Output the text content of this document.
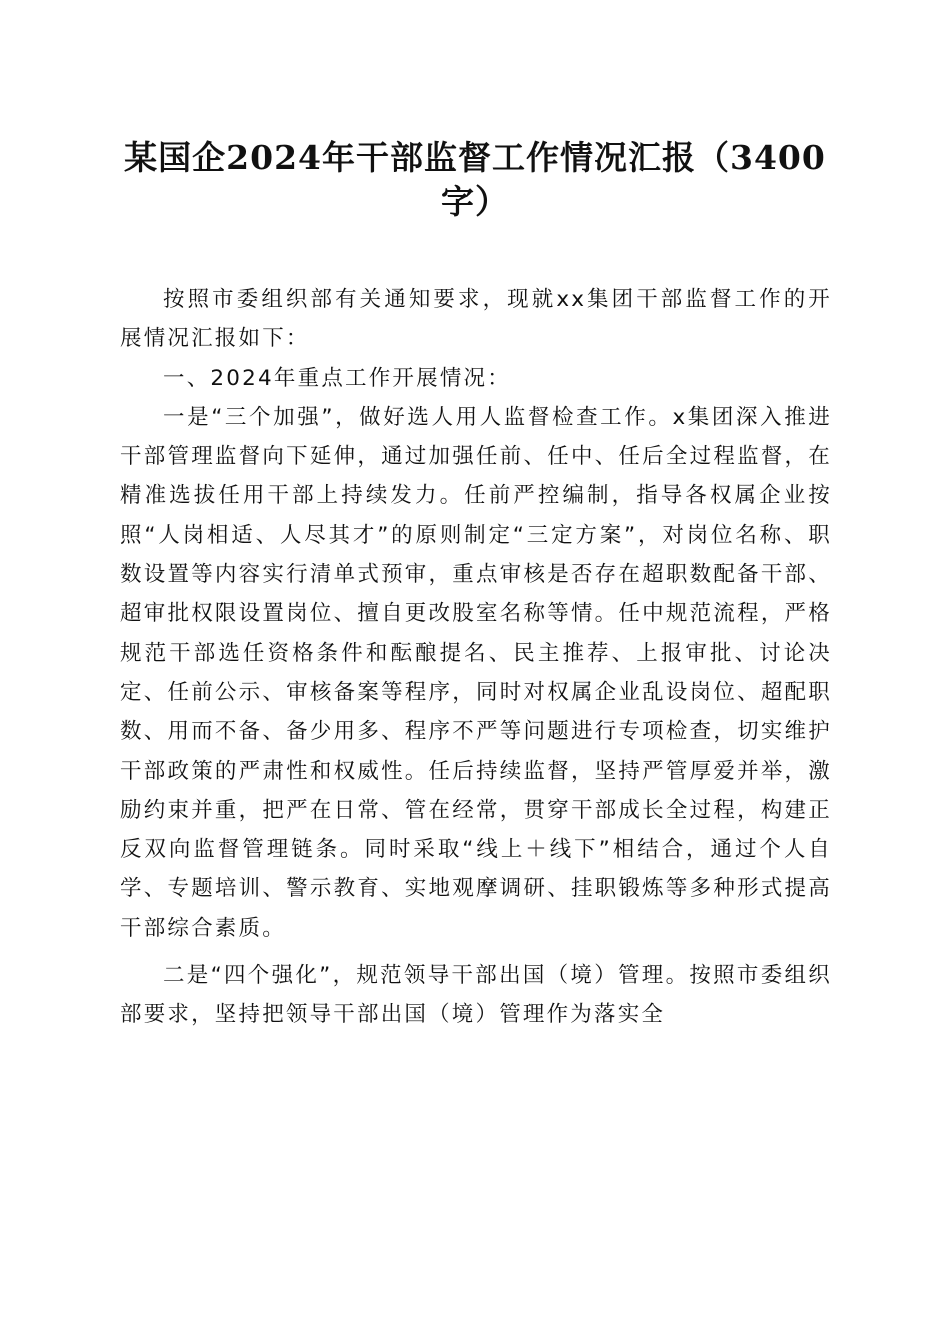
某国企2024年干部监督工作情况汇报（3400字）

按照市委组织部有关通知要求，现就xx集团干部监督工作的开展情况汇报如下：

一、2024年重点工作开展情况：

一是“三个加强”，做好选人用人监督检查工作。x集团深入推进干部管理监督向下延伸，通过加强任前、任中、任后全过程监督，在精准选拔任用干部上持续发力。任前严控编制，指导各权属企业按照“人岗相适、人尽其才”的原则制定“三定方案”，对岗位名称、职数设置等内容实行清单式预审，重点审核是否存在超职数配备干部、超审批权限设置岗位、擅自更改股室名称等情。任中规范流程，严格规范干部选任资格条件和酝酿提名、民主推荐、上报审批、讨论决定、任前公示、审核备案等程序，同时对权属企业乱设岗位、超配职数、用而不备、备少用多、程序不严等问题进行专项检查，切实维护干部政策的严肃性和权威性。任后持续监督，坚持严管厚爱并举，激励约束并重，把严在日常、管在经常，贯穿干部成长全过程，构建正反双向监督管理链条。同时采取“线上＋线下”相结合，通过个人自学、专题培训、警示教育、实地观摩调研、挂职锻炼等多种形式提高干部综合素质。

二是“四个强化”，规范领导干部出国（境）管理。按照市委组织部要求，坚持把领导干部出国（境）管理作为落实全
